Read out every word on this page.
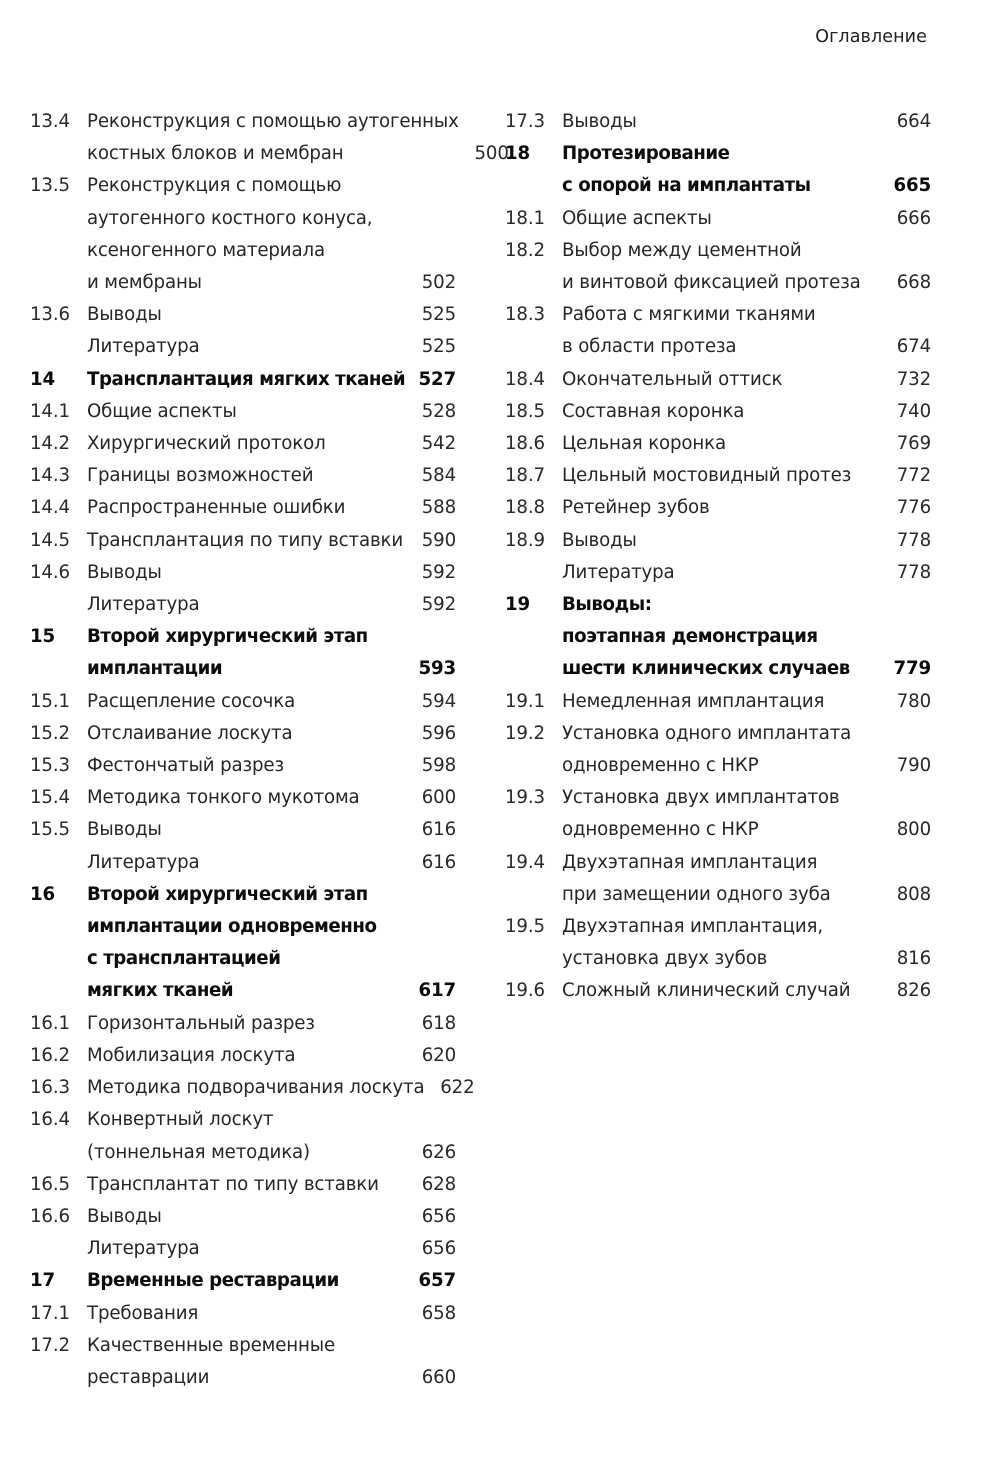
Оглавление
13.4 Реконструкция с помощью аутогенных
костных блоков и мембран	500
13.5 Реконструкция с помощью
аутогенного костного конуса,
ксеногенного материала
и мембраны	502
13.6 Выводы	525
Литература	525
14	Трансплантация мягких тканей 527
14.1 Общие аспекты	528
14.2 Хирургический протокол	542
14.3 Границы возможностей	584
14.4 Распространенные ошибки	588
14.5 Трансплантация по типу вставки	590
14.6 Выводы	592
Литература	592
15	Второй хирургический этап
имплантации	593
15.1 Расщепление сосочка	594
15.2 Отслаивание лоскута	596
15.3 Фестончатый разрез	598
15.4 Методика тонкого мукотома	600
15.5 Выводы	616
Литература	616
16	Второй хирургический этап
имплантации одновременно
с трансплантацией
мягких тканей	617
16.1 Горизонтальный разрез	618
16.2 Мобилизация лоскута	620
16.3 Методика подворачивания лоскута 622
16.4 Конвертный лоскут
(тоннельная методика)	626
16.5 Трансплантат по типу вставки	628
16.6 Выводы	656
Литература	656
17	Временные реставрации	657
17.1 Требования	658
17.2 Качественные временные
реставрации	660
17.3 Выводы	664
18	Протезирование
с опорой на имплантаты	665
18.1 Общие аспекты	666
18.2 Выбор между цементной
и винтовой фиксацией протеза	668
18.3 Работа с мягкими тканями
в области протеза	674
18.4 Окончательный оттиск	732
18.5 Составная коронка	740
18.6 Цельная коронка	769
18.7 Цельный мостовидный протез	772
18.8 Ретейнер зубов	776
18.9 Выводы	778
Литература	778
19	Выводы:
поэтапная демонстрация
шести клинических случаев	779
19.1 Немедленная имплантация	780
19.2 Установка одного имплантата
одновременно с НКР	790
19.3 Установка двух имплантатов
одновременно с НКР	800
19.4 Двухэтапная имплантация
при замещении одного зуба	808
19.5 Двухэтапная имплантация,
установка двух зубов	816
19.6 Сложный клинический случай	826
